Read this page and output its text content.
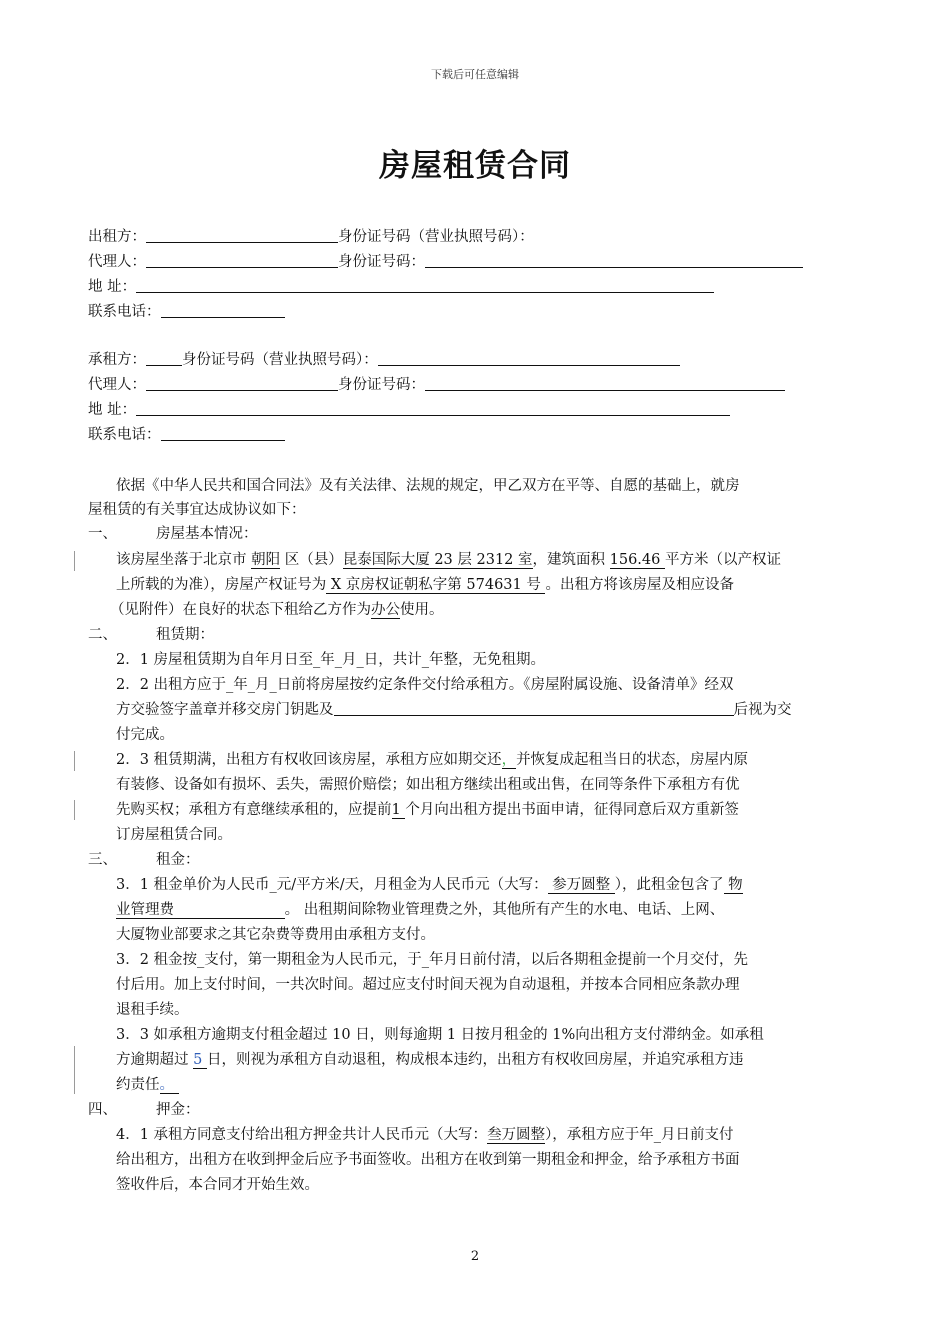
下载后可任意编辑
房屋租赁合同
出租方：	身份证号码（营业执照号码）：
代理人：	身份证号码：
地 址：
联系电话：
承租方： 身份证号码（营业执照号码）：
代理人：	身份证号码：
地 址：
联系电话：
依据《中华人民共和国合同法》及有关法律、法规的规定，甲乙双方在平等、自愿的基础上，就房
屋租赁的有关事宜达成协议如下：
一、	房屋基本情况：
该房屋坐落于北京市 朝阳 区（县）昆泰国际大厦 23 层 2312 室，建筑面积 156.46 平方米（以产权证
上所载的为准），房屋产权证号为 X 京房权证朝私字第 574631 号 。出租方将该房屋及相应设备
（见附件）在良好的状态下租给乙方作为办公使用。
二、	租赁期：
2．1 房屋租赁期为自年月日至_年_月_日，共计_年整，无免租期。
2．2 出租方应于_年_月_日前将房屋按约定条件交付给承租方。《房屋附属设施、设备清单》经双
方交验签字盖章并移交房门钥匙及	后视为交
付完成。
2．3 租赁期满，出租方有权收回该房屋，承租方应如期交还，并恢复成起租当日的状态，房屋内原
有装修、设备如有损坏、丢失，需照价赔偿；如出租方继续出租或出售，在同等条件下承租方有优
先购买权；承租方有意继续承租的，应提前1 个月向出租方提出书面申请，征得同意后双方重新签
订房屋租赁合同。
三、	租金：
3．1 租金单价为人民币_元/平方米/天，月租金为人民币元（大写： 参万圆整 ），此租金包含了 物
业管理费                        。 出租期间除物业管理费之外，其他所有产生的水电、电话、上网、
大厦物业部要求之其它杂费等费用由承租方支付。
3．2 租金按_支付，第一期租金为人民币元，于_年月日前付清，以后各期租金提前一个月交付，先
付后用。加上支付时间，一共次时间。超过应支付时间天视为自动退租，并按本合同相应条款办理
退租手续。
3．3 如承租方逾期支付租金超过 10 日，则每逾期 1 日按月租金的 1%向出租方支付滞纳金。如承租
方逾期超过 5 日，则视为承租方自动退租，构成根本违约，出租方有权收回房屋，并追究承租方违
约责任。
四、	押金：
4．1 承租方同意支付给出租方押金共计人民币元（大写：叁万圆整），承租方应于年_月日前支付
给出租方，出租方在收到押金后应予书面签收。出租方在收到第一期租金和押金，给予承租方书面
签收件后，本合同才开始生效。
2
